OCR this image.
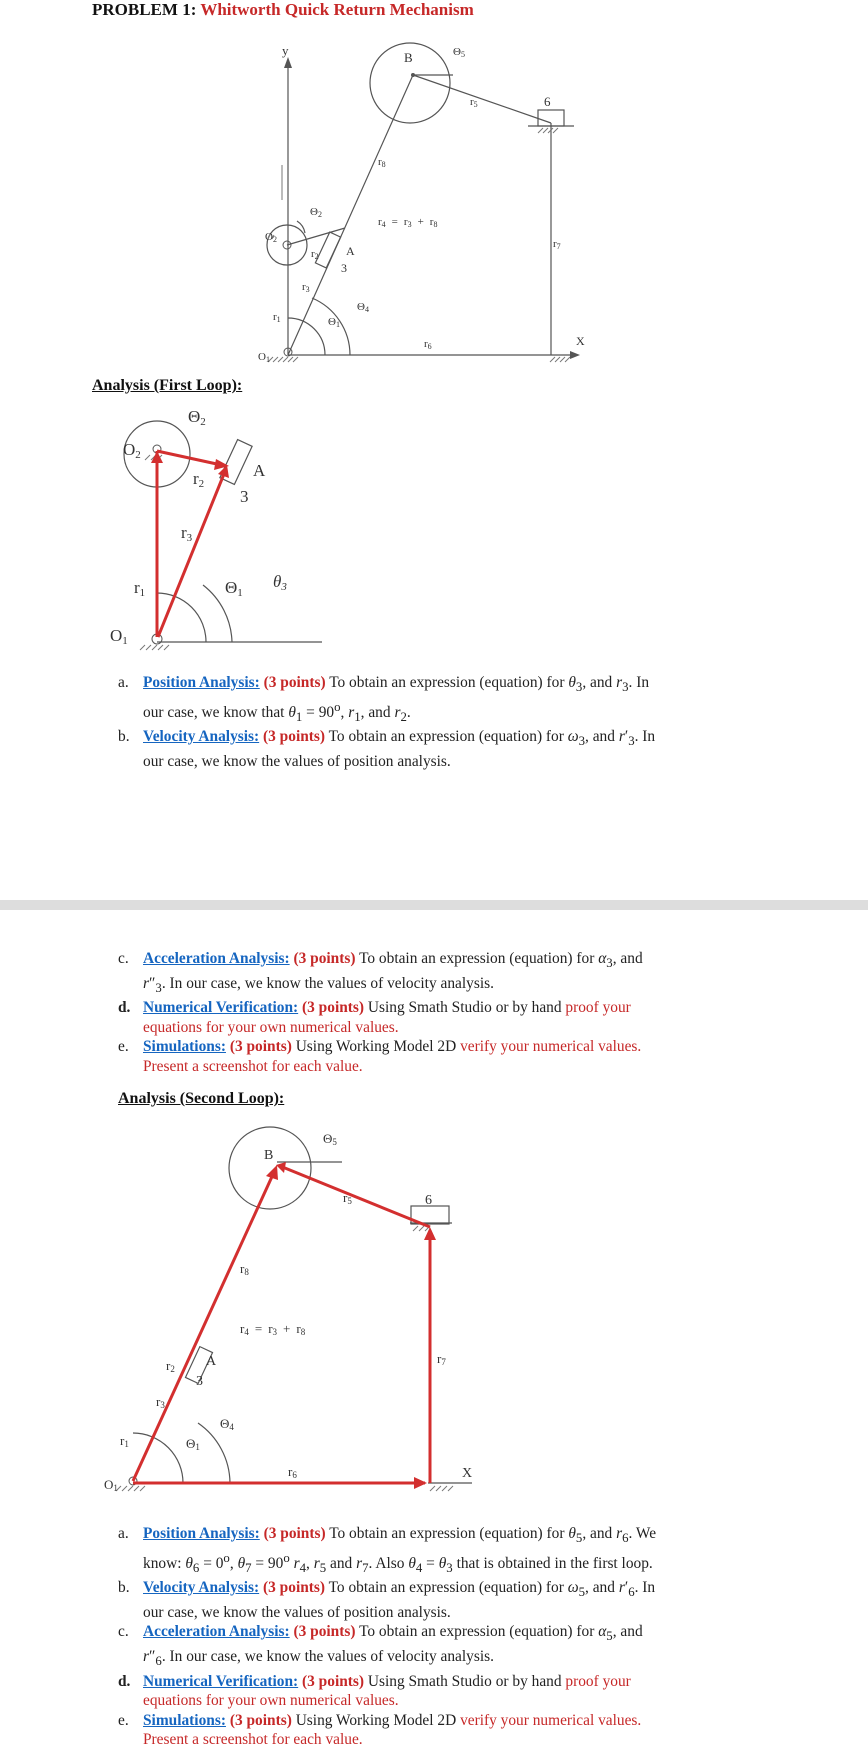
PROBLEM 1: Whitworth Quick Return Mechanism
y	B	Θ5
r5	6
r8
r4 = r3 + r8
r7
Θ2
O2
r2 A
3
r3
Θ4
Θ1
r1
r6	X
O1
Analysis (First Loop):
O2
Θ2
r2
A
3
r3
r1	Θ1
θ3
O1
a. Position Analysis: (3 points) To obtain an expression (equation) for $\theta_3$, and $r_3$. In
our case, we know that $\theta_1 = 90^o$, $r_1$, and $r_2$.
b. Velocity Analysis: (3 points) To obtain an expression (equation) for $\omega_3$, and $r'_3$. In
our case, we know the values of position analysis.
c. Acceleration Analysis: (3 points) To obtain an expression (equation) for $\alpha_3$, and
$r''_3$. In our case, we know the values of velocity analysis.
d. Numerical Verification: (3 points) Using Smath Studio or by hand proof your
equations for your own numerical values.
e. Simulations: (3 points) Using Working Model 2D verify your numerical values.
Present a screenshot for each value.
Analysis (Second Loop):
B
Θ5
r5	6
r8
r4 = r3 + r8
r7
r2 A
3
r3
Θ4
r1	Θ1
r6	X
O1
a. Position Analysis: (3 points) To obtain an expression (equation) for $\theta_5$, and $r_6$. We
know: $\theta_6 = 0^o$, $\theta_7 = 90^o$ $r_4$, $r_5$ and $r_7$. Also $\theta_4 = \theta_3$ that is obtained in the first loop.
b. Velocity Analysis: (3 points) To obtain an expression (equation) for $\omega_5$, and $r'_6$. In
our case, we know the values of position analysis.
c. Acceleration Analysis: (3 points) To obtain an expression (equation) for $\alpha_5$, and
$r''_6$. In our case, we know the values of velocity analysis.
d. Numerical Verification: (3 points) Using Smath Studio or by hand proof your
equations for your own numerical values.
e. Simulations: (3 points) Using Working Model 2D verify your numerical values.
Present a screenshot for each value.
